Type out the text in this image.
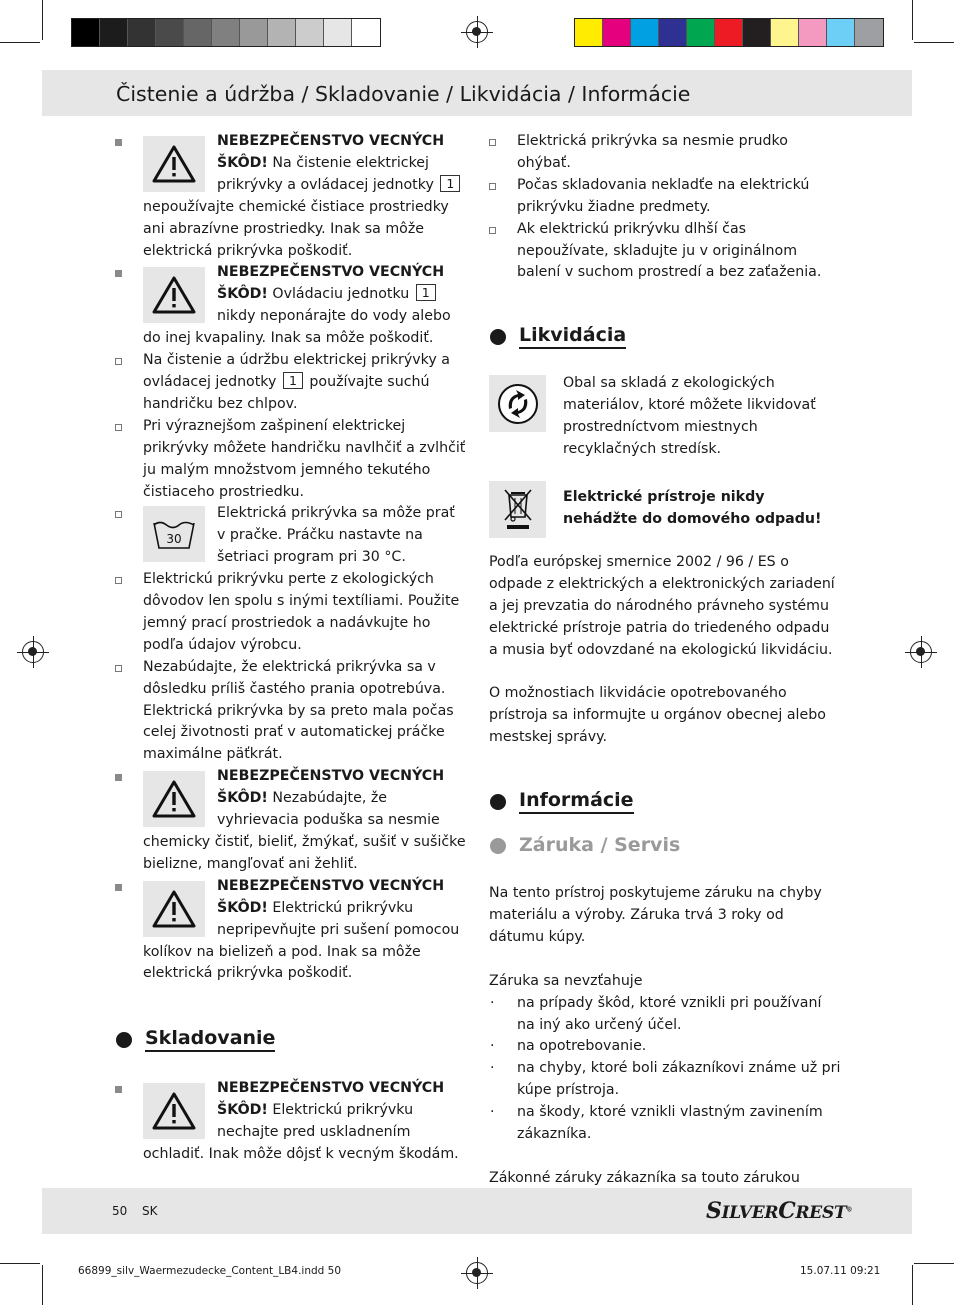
Čistenie a údržba / Skladovanie / Likvidácia / Informácie
NEBEZPEČENSTVO VECNÝCH ŠKÔD! Na čistenie elektrickej prikrývky a ovládacej jednotky 1 nepoužívajte chemické čistiace prostriedky ani abrazívne prostriedky. Inak sa môže elektrická prikrývka poškodiť.
NEBEZPEČENSTVO VECNÝCH ŠKÔD! Ovládaciu jednotku 1 nikdy neponárajte do vody alebo do inej kvapaliny. Inak sa môže poškodiť.
Na čistenie a údržbu elektrickej prikrývky a ovládacej jednotky 1 používajte suchú handričku bez chlpov.
Pri výraznejšom zašpinení elektrickej prikrývky môžete handričku navlhčiť a zvlhčiť ju malým množstvom jemného tekutého čistiaceho prostriedku.
30
Elektrická prikrývka sa môže prať v pračke. Práčku nastavte na šetriaci program pri 30 °C.
Elektrickú prikrývku perte z ekologických dôvodov len spolu s inými textíliami. Použite jemný prací prostriedok a nadávkujte ho podľa údajov výrobcu.
Nezabúdajte, že elektrická prikrývka sa v dôsledku príliš častého prania opotrebúva. Elektrická prikrývka by sa preto mala počas celej životnosti prať v automatickej práčke maximálne päťkrát.
NEBEZPEČENSTVO VECNÝCH ŠKÔD! Nezabúdajte, že vyhrievacia poduška sa nesmie chemicky čistiť, bieliť, žmýkať, sušiť v sušičke bielizne, mangľovať ani žehliť.
NEBEZPEČENSTVO VECNÝCH ŠKÔD! Elektrickú prikrývku nepripevňujte pri sušení pomocou kolíkov na bielizeň a pod. Inak sa môže elektrická prikrývka poškodiť.
Skladovanie
NEBEZPEČENSTVO VECNÝCH ŠKÔD! Elektrickú prikrývku nechajte pred uskladnením ochladiť. Inak môže dôjsť k vecným škodám.
Elektrická prikrývka sa nesmie prudko ohýbať.
Počas skladovania nekladťe na elektrickú prikrývku žiadne predmety.
Ak elektrickú prikrývku dlhší čas nepoužívate, skladujte ju v originálnom balení v suchom prostredí a bez zaťaženia.
Likvidácia
Obal sa skladá z ekologických materiálov, ktoré môžete likvidovať prostredníctvom miestnych recyklačných stredísk.
Elektrické prístroje nikdy nehádžte do domového odpadu!
Podľa európskej smernice 2002 / 96 / ES o odpade z elektrických a elektronických zariadení a jej prevzatia do národného právneho systému elektrické prístroje patria do triedeného odpadu a musia byť odovzdané na ekologickú likvidáciu.
O možnostiach likvidácie opotrebovaného prístroja sa informujte u orgánov obecnej alebo mestskej správy.
Informácie
Záruka / Servis
Na tento prístroj poskytujeme záruku na chyby materiálu a výroby. Záruka trvá 3 roky od dátumu kúpy.
Záruka sa nevzťahuje
· na prípady škôd, ktoré vznikli pri používaní na iný ako určený účel.
· na opotrebovanie.
· na chyby, ktoré boli zákazníkovi známe už pri kúpe prístroja.
· na škody, ktoré vznikli vlastným zavinením zákazníka.
Zákonné záruky zákazníka sa touto zárukou
50 SK	SILVERCREST®
66899_silv_Waermezudecke_Content_LB4.indd 50	15.07.11 09:21
